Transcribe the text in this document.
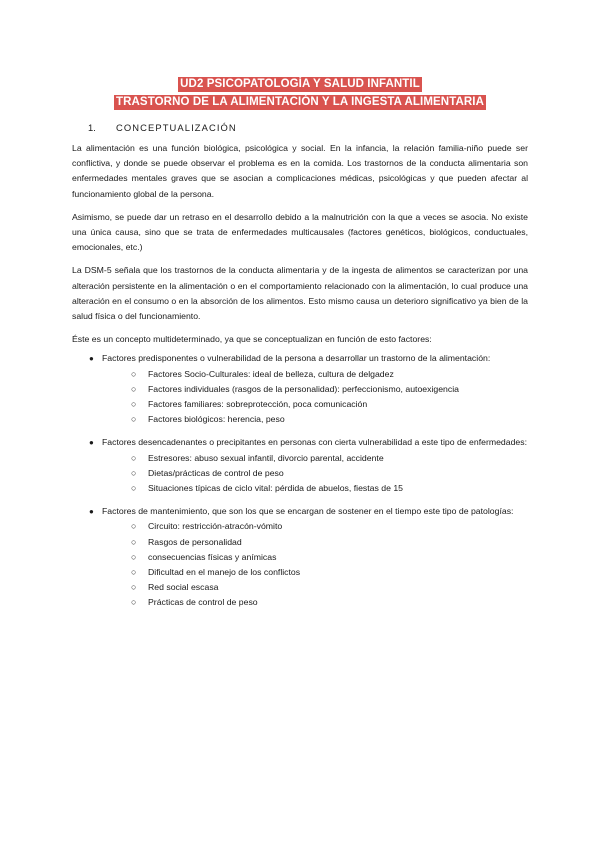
UD2 PSICOPATOLOGÍA Y SALUD INFANTIL
TRASTORNO DE LA ALIMENTACIÓN Y LA INGESTA ALIMENTARIA
1. CONCEPTUALIZACIÓN

La alimentación es una función biológica, psicológica y social. En la infancia, la relación familia-niño puede ser conflictiva, y donde se puede observar el problema es en la comida. Los trastornos de la conducta alimentaria son enfermedades mentales graves que se asocian a complicaciones médicas, psicológicas y que pueden afectar al funcionamiento global de la persona.

Asimismo, se puede dar un retraso en el desarrollo debido a la malnutrición con la que a veces se asocia. No existe una única causa, sino que se trata de enfermedades multicausales (factores genéticos, biológicos, conductuales, emocionales, etc.)

La DSM-5 señala que los trastornos de la conducta alimentaria y de la ingesta de alimentos se caracterizan por una alteración persistente en la alimentación o en el comportamiento relacionado con la alimentación, lo cual produce una alteración en el consumo o en la absorción de los alimentos. Esto mismo causa un deterioro significativo ya bien de la salud física o del funcionamiento.

Éste es un concepto multideterminado, ya que se conceptualizan en función de esto factores:

● Factores predisponentes o vulnerabilidad de la persona a desarrollar un trastorno de la alimentación:
○ Factores Socio-Culturales: ideal de belleza, cultura de delgadez
○ Factores individuales (rasgos de la personalidad): perfeccionismo, autoexigencia
○ Factores familiares: sobreprotección, poca comunicación
○ Factores biológicos: herencia, peso
● Factores desencadenantes o precipitantes en personas con cierta vulnerabilidad a este tipo de enfermedades:
○ Estresores: abuso sexual infantil, divorcio parental, accidente
○ Dietas/prácticas de control de peso
○ Situaciones típicas de ciclo vital: pérdida de abuelos, fiestas de 15
● Factores de mantenimiento, que son los que se encargan de sostener en el tiempo este tipo de patologías:
○ Circuito: restricción-atracón-vómito
○ Rasgos de personalidad
○ consecuencias físicas y anímicas
○ Dificultad en el manejo de los conflictos
○ Red social escasa
○ Prácticas de control de peso
